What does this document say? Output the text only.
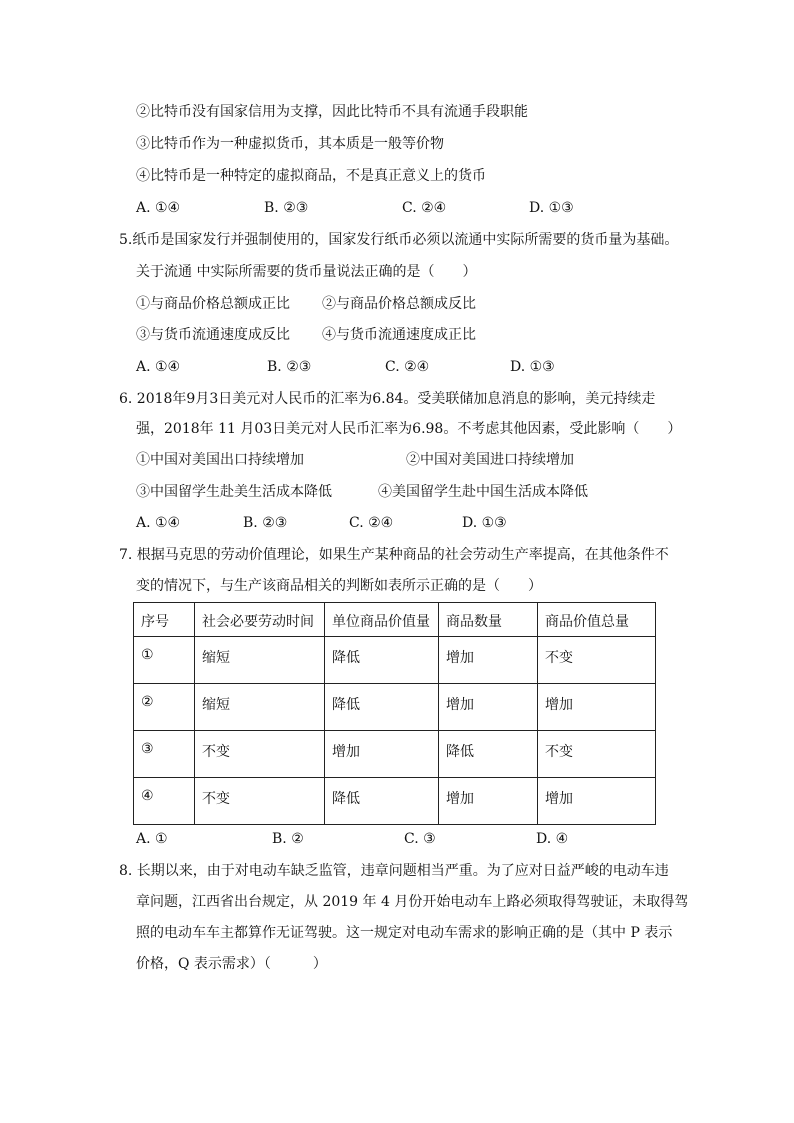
②比特币没有国家信用为支撑，因此比特币不具有流通手段职能
③比特币作为一种虚拟货币，其本质是一般等价物
④比特币是一种特定的虚拟商品，不是真正意义上的货币
A. ①④	B. ②③	C. ②④	D. ①③
5.纸币是国家发行并强制使用的，国家发行纸币必须以流通中实际所需要的货币量为基础。
关于流通 中实际所需要的货币量说法正确的是（　　）
①与商品价格总额成正比 ②与商品价格总额成反比
③与货币流通速度成反比 ④与货币流通速度成正比
A. ①④	B. ②③	C. ②④	D. ①③
6. 2018年9月3日美元对人民币的汇率为6.84。受美联储加息消息的影响，美元持续走
强，2018年 11 月03日美元对人民币汇率为6.98。不考虑其他因素，受此影响（　　）
①中国对美国出口持续增加	②中国对美国进口持续增加
③中国留学生赴美生活成本降低	④美国留学生赴中国生活成本降低
A. ①④	B. ②③	C. ②④	D. ①③
7. 根据马克思的劳动价值理论，如果生产某种商品的社会劳动生产率提高，在其他条件不
变的情况下，与生产该商品相关的判断如表所示正确的是（　　）
序号	社会必要劳动时间	单位商品价值量	商品数量	商品价值总量
①	缩短	降低	增加	不变
②	缩短	降低	增加	增加
③	不变	增加	降低	不变
④	不变	降低	增加	增加
A. ①	B. ②	C. ③	D. ④
8. 长期以来，由于对电动车缺乏监管，违章问题相当严重。为了应对日益严峻的电动车违
章问题，江西省出台规定，从 2019 年 4 月份开始电动车上路必须取得驾驶证，未取得驾
照的电动车车主都算作无证驾驶。这一规定对电动车需求的影响正确的是（其中 P 表示
价格，Q 表示需求）（　　　）
